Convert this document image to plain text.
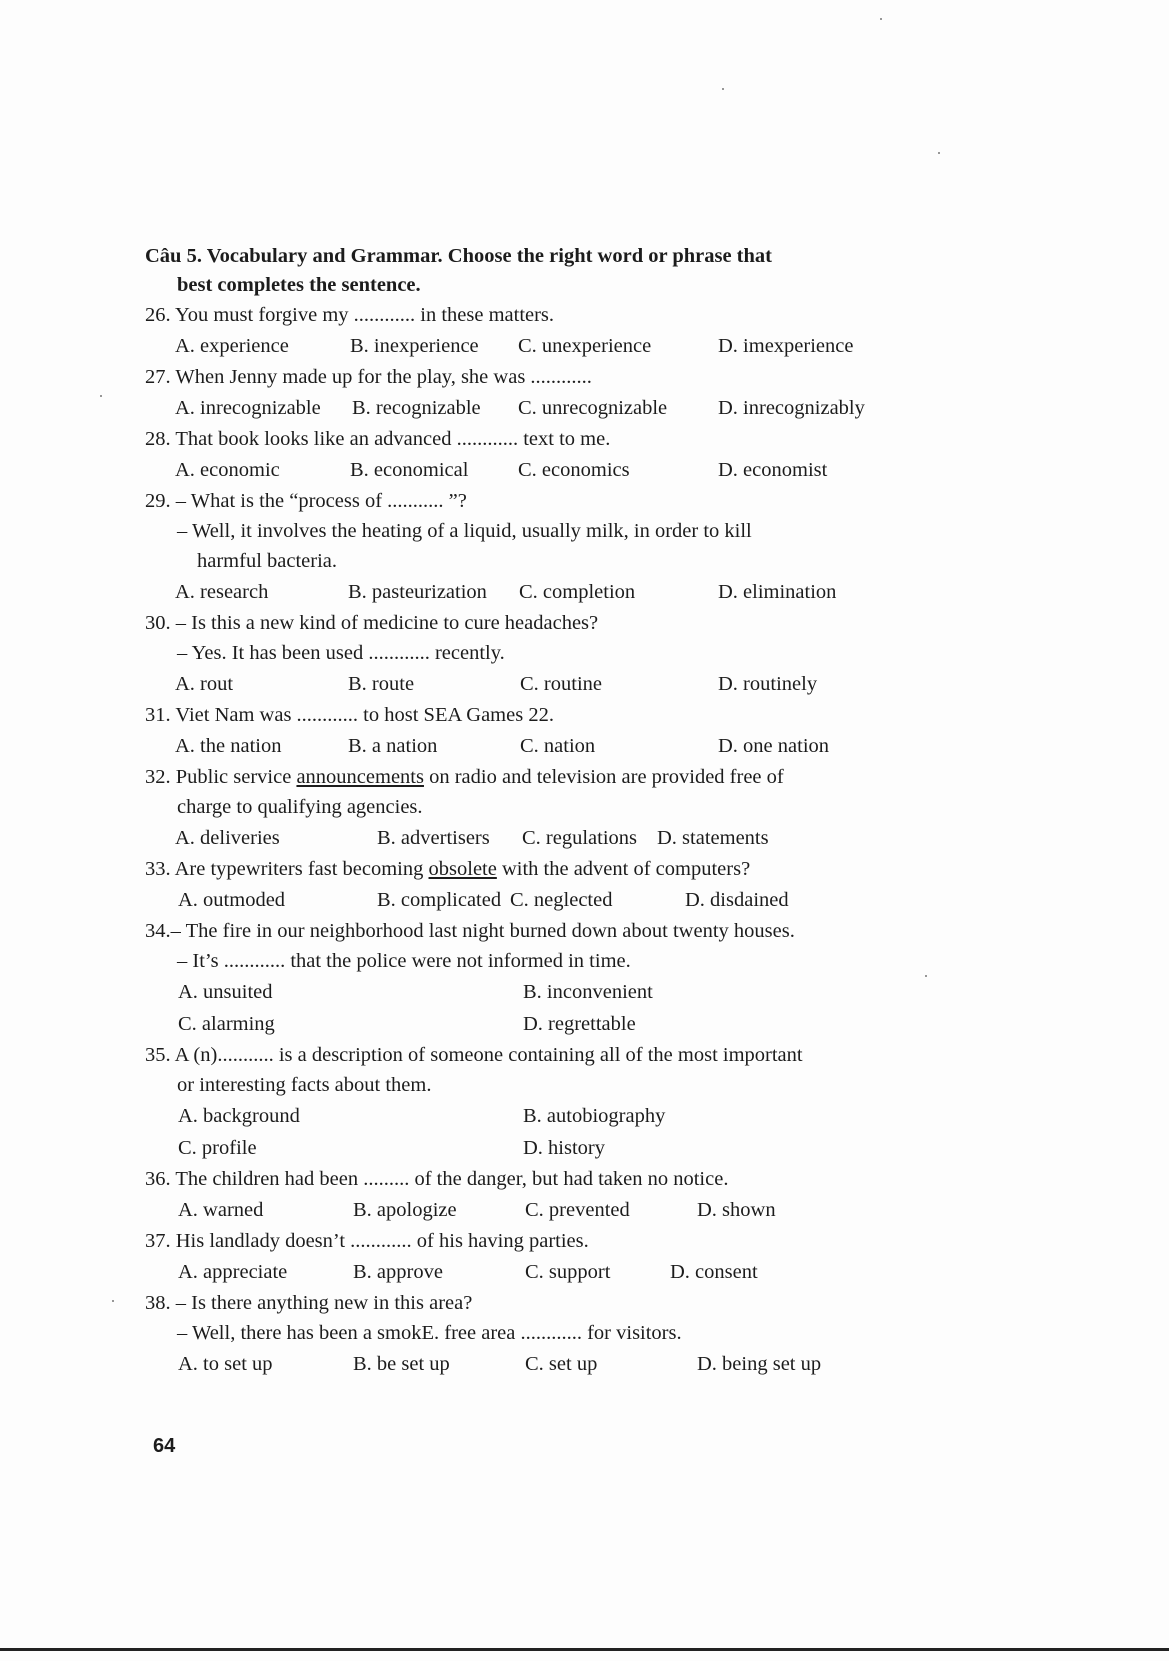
Câu 5. Vocabulary and Grammar. Choose the right word or phrase that
best completes the sentence.
26. You must forgive my ............ in these matters.
A. experience	B. inexperience C. unexperience	D. imexperience
27. When Jenny made up for the play, she was ............
A. inrecognizable B. recognizable C. unrecognizable D. inrecognizably
28. That book looks like an advanced ............ text to me.
A. economic	B. economical C. economics	D. economist
29. – What is the “process of ........... ”?
– Well, it involves the heating of a liquid, usually milk, in order to kill
harmful bacteria.
A. research	B. pasteurization C. completion	D. elimination
30. – Is this a new kind of medicine to cure headaches?
– Yes. It has been used ............ recently.
A. rout	B. route	C. routine	D. routinely
31. Viet Nam was ............ to host SEA Games 22.
A. the nation	B. a nation	C. nation	D. one nation
32. Public service announcements on radio and television are provided free of
charge to qualifying agencies.
A. deliveries	B. advertisers C. regulations D. statements
33. Are typewriters fast becoming obsolete with the advent of computers?
A. outmoded	B. complicated C. neglected	D. disdained
34.– The fire in our neighborhood last night burned down about twenty houses.
– It’s ............ that the police were not informed in time.
A. unsuited	B. inconvenient
C. alarming	D. regrettable
35. A (n)........... is a description of someone containing all of the most important
or interesting facts about them.
A. background	B. autobiography
C. profile	D. history
36. The children had been ......... of the danger, but had taken no notice.
A. warned	B. apologize	C. prevented	D. shown
37. His landlady doesn’t ............ of his having parties.
A. appreciate	B. approve	C. support	D. consent
38. – Is there anything new in this area?
– Well, there has been a smokE. free area ............ for visitors.
A. to set up	B. be set up	C. set up	D. being set up
64
